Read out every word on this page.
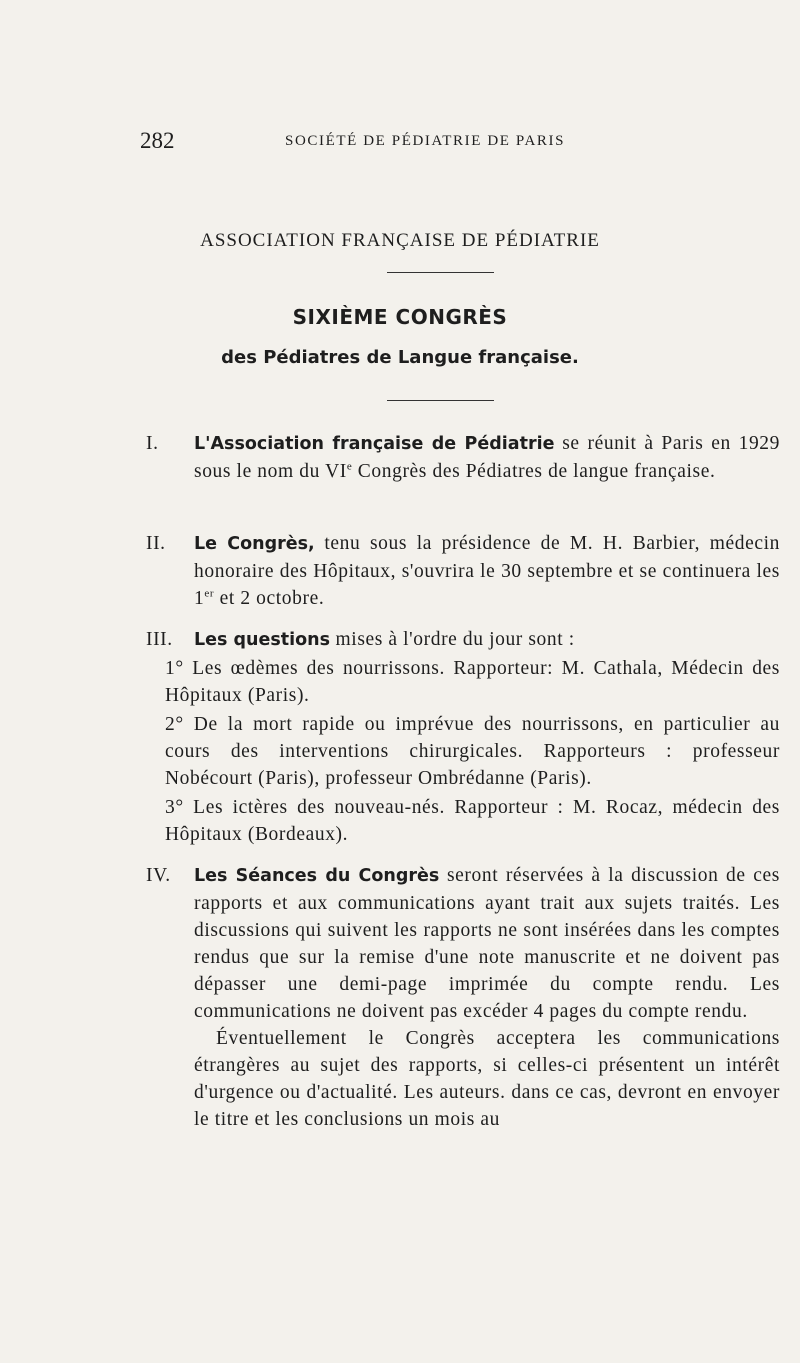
282	SOCIÉTÉ DE PÉDIATRIE DE PARIS
ASSOCIATION FRANÇAISE DE PÉDIATRIE
SIXIÈME CONGRÈS
des Pédiatres de Langue française.
I. L'Association française de Pédiatrie se réunit à Paris en 1929 sous le nom du VIe Congrès des Pédiatres de langue française.
II. Le Congrès, tenu sous la présidence de M. H. Barbier, médecin honoraire des Hôpitaux, s'ouvrira le 30 septembre et se continuera les 1er et 2 octobre.
III. Les questions mises à l'ordre du jour sont :
1° Les œdèmes des nourrissons. Rapporteur: M. Cathala, Médecin des Hôpitaux (Paris).
2° De la mort rapide ou imprévue des nourrissons, en particulier au cours des interventions chirurgicales. Rapporteurs : professeur Nobécourt (Paris), professeur Ombrédanne (Paris).
3° Les ictères des nouveau-nés. Rapporteur : M. Rocaz, médecin des Hôpitaux (Bordeaux).
IV. Les Séances du Congrès seront réservées à la discussion de ces rapports et aux communications ayant trait aux sujets traités. Les discussions qui suivent les rapports ne sont insérées dans les comptes rendus que sur la remise d'une note manuscrite et ne doivent pas dépasser une demi-page imprimée du compte rendu. Les communications ne doivent pas excéder 4 pages du compte rendu.
Éventuellement le Congrès acceptera les communications étrangères au sujet des rapports, si celles-ci présentent un intérêt d'urgence ou d'actualité. Les auteurs. dans ce cas, devront en envoyer le titre et les conclusions un mois au
